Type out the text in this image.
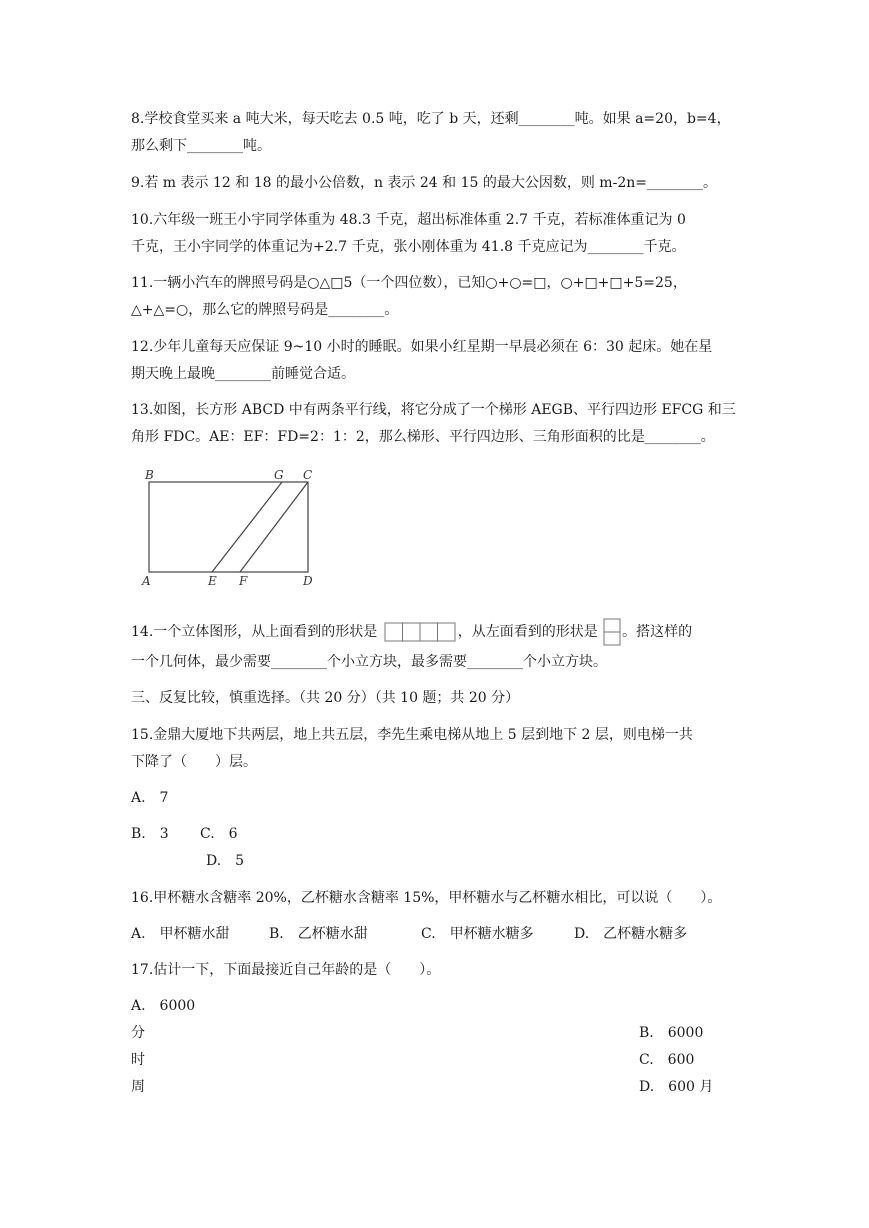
8.学校食堂买来 a 吨大米，每天吃去 0.5 吨，吃了 b 天，还剩________吨。如果 a=20，b=4，
那么剩下________吨。
9.若 m 表示 12 和 18 的最小公倍数，n 表示 24 和 15 的最大公因数，则 m-2n=________。
10.六年级一班王小宇同学体重为 48.3 千克，超出标准体重 2.7 千克，若标准体重记为 0
千克，王小宇同学的体重记为+2.7 千克，张小刚体重为 41.8 千克应记为________千克。
11.一辆小汽车的牌照号码是○△□5（一个四位数），已知○+○=□，○+□+□+5=25，
△+△=○，那么它的牌照号码是________。
12.少年儿童每天应保证 9~10 小时的睡眠。如果小红星期一早晨必须在 6：30 起床。她在星
期天晚上最晚________前睡觉合适。
13.如图，长方形 ABCD 中有两条平行线，将它分成了一个梯形 AEGB、平行四边形 EFCG 和三
角形 FDC。AE：EF：FD=2：1：2，那么梯形、平行四边形、三角形面积的比是________。
B	G C
A	E F	D
14.一个立体图形，从上面看到的形状是	，从左面看到的形状是 。搭这样的
一个几何体，最少需要________个小立方块，最多需要________个小立方块。
三、反复比较，慎重选择。（共 20 分）（共 10 题；共 20 分）
15.金鼎大厦地下共两层，地上共五层，李先生乘电梯从地上 5 层到地下 2 层，则电梯一共
下降了（　　）层。
A.　7
B.　3 C.　6
D.　5
16.甲杯糖水含糖率 20%，乙杯糖水含糖率 15%，甲杯糖水与乙杯糖水相比，可以说（　　）。
A.　甲杯糖水甜	B.　乙杯糖水甜	C.　甲杯糖水糖多	D.　乙杯糖水糖多
17.估计一下，下面最接近自己年龄的是（　　）。
A.　6000
分	B.　6000
时	C.　600
周	D.　600 月
